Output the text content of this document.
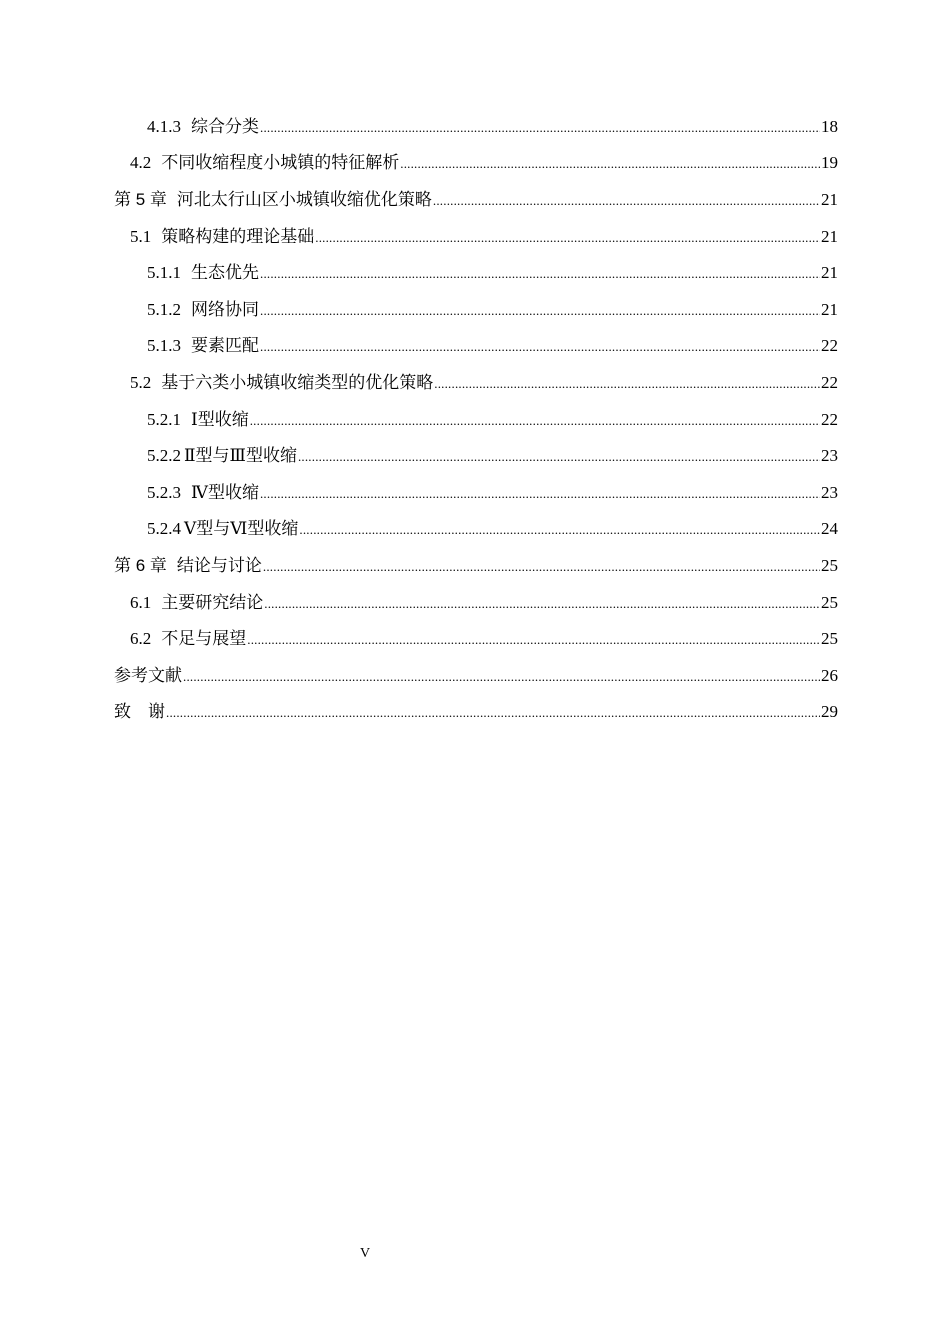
4.1.3 综合分类 .....	18
4.2 不同收缩程度小城镇的特征解析 .....	19
第 5 章 河北太行山区小城镇收缩优化策略 .....	21
5.1 策略构建的理论基础 .....	21
5.1.1 生态优先 .....	21
5.1.2 网络协同 .....	21
5.1.3 要素匹配 .....	22
5.2 基于六类小城镇收缩类型的优化策略 .....	22
5.2.1 Ⅰ型收缩 .....	22
5.2.2 Ⅱ型与Ⅲ型收缩 .....	23
5.2.3 Ⅳ型收缩 .....	23
5.2.4 Ⅴ型与Ⅵ型收缩 .....	24
第 6 章 结论与讨论 .....	25
6.1 主要研究结论 .....	25
6.2 不足与展望 .....	25
参考文献 .....	26
致　谢 .....	29
V
